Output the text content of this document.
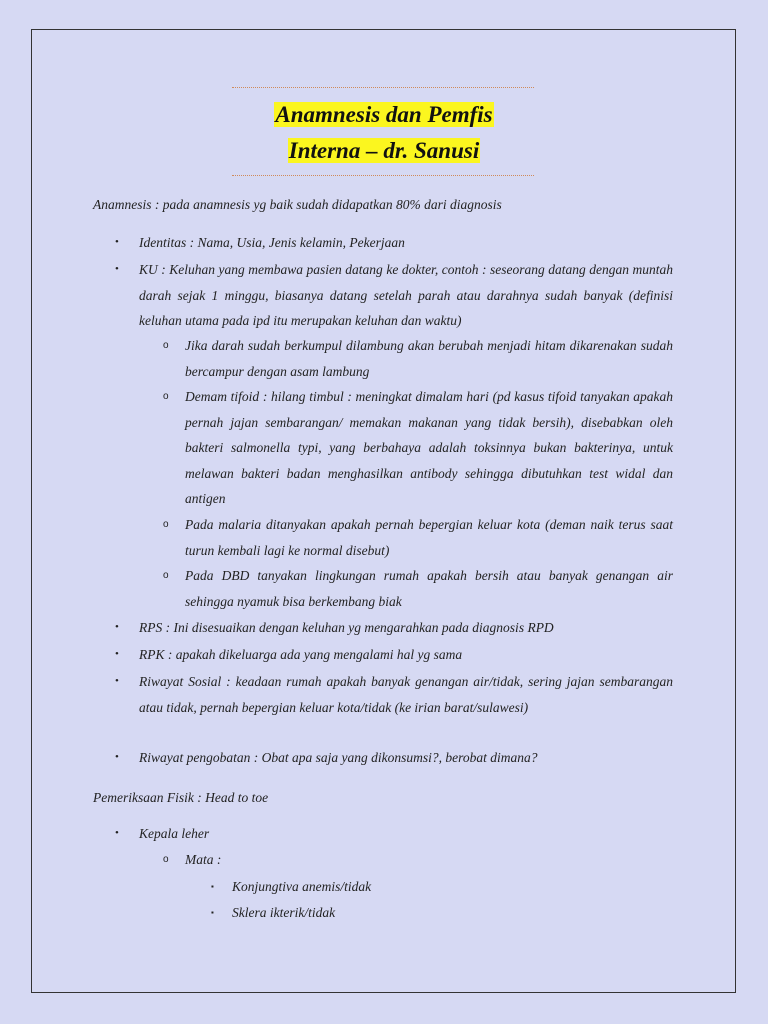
Anamnesis dan Pemfis
Interna – dr. Sanusi
Anamnesis : pada anamnesis yg baik sudah didapatkan 80% dari diagnosis
• Identitas : Nama, Usia, Jenis kelamin, Pekerjaan
• KU : Keluhan yang membawa pasien datang ke dokter, contoh : seseorang datang dengan muntah darah sejak 1 minggu, biasanya datang setelah parah atau darahnya sudah banyak (definisi keluhan utama pada ipd itu merupakan keluhan dan waktu)
o Jika darah sudah berkumpul dilambung akan berubah menjadi hitam dikarenakan sudah bercampur dengan asam lambung
o Demam tifoid : hilang timbul : meningkat dimalam hari (pd kasus tifoid tanyakan apakah pernah jajan sembarangan/ memakan makanan yang tidak bersih), disebabkan oleh bakteri salmonella typi, yang berbahaya adalah toksinnya bukan bakterinya, untuk melawan bakteri badan menghasilkan antibody sehingga dibutuhkan test widal dan antigen
o Pada malaria ditanyakan apakah pernah bepergian keluar kota (deman naik terus saat turun kembali lagi ke normal disebut)
o Pada DBD tanyakan lingkungan rumah apakah bersih atau banyak genangan air sehingga nyamuk bisa berkembang biak
• RPS : Ini disesuaikan dengan keluhan yg mengarahkan pada diagnosis RPD
• RPK : apakah dikeluarga ada yang mengalami hal yg sama
• Riwayat Sosial : keadaan rumah apakah banyak genangan air/tidak, sering jajan sembarangan atau tidak, pernah bepergian keluar kota/tidak (ke irian barat/sulawesi)
• Riwayat pengobatan : Obat apa saja yang dikonsumsi?, berobat dimana?
Pemeriksaan Fisik : Head to toe
• Kepala leher
o Mata :
▪ Konjungtiva anemis/tidak
▪ Sklera ikterik/tidak
